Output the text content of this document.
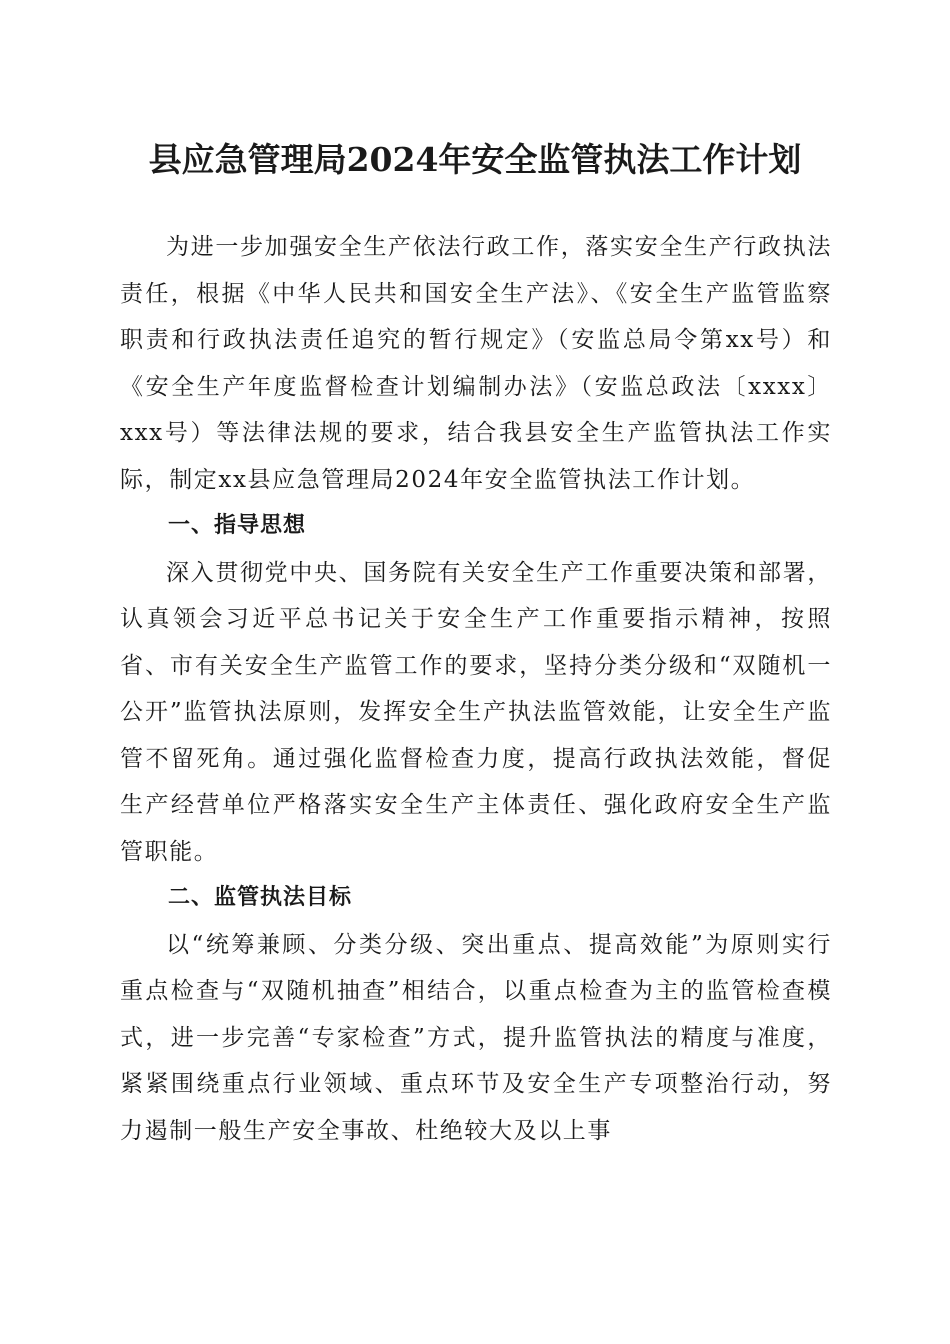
县应急管理局2024年安全监管执法工作计划

为进一步加强安全生产依法行政工作，落实安全生产行政执法责任，根据《中华人民共和国安全生产法》、《安全生产监管监察职责和行政执法责任追究的暂行规定》（安监总局令第xx号）和《安全生产年度监督检查计划编制办法》（安监总政法〔xxxx〕xxx号）等法律法规的要求，结合我县安全生产监管执法工作实际，制定xx县应急管理局2024年安全监管执法工作计划。

一、指导思想

深入贯彻党中央、国务院有关安全生产工作重要决策和部署，认真领会习近平总书记关于安全生产工作重要指示精神，按照省、市有关安全生产监管工作的要求，坚持分类分级和“双随机一公开”监管执法原则，发挥安全生产执法监管效能，让安全生产监管不留死角。通过强化监督检查力度，提高行政执法效能，督促生产经营单位严格落实安全生产主体责任、强化政府安全生产监管职能。

二、监管执法目标

以“统筹兼顾、分类分级、突出重点、提高效能”为原则实行重点检查与“双随机抽查”相结合，以重点检查为主的监管检查模式，进一步完善“专家检查”方式，提升监管执法的精度与准度，紧紧围绕重点行业领域、重点环节及安全生产专项整治行动，努力遏制一般生产安全事故、杜绝较大及以上事
